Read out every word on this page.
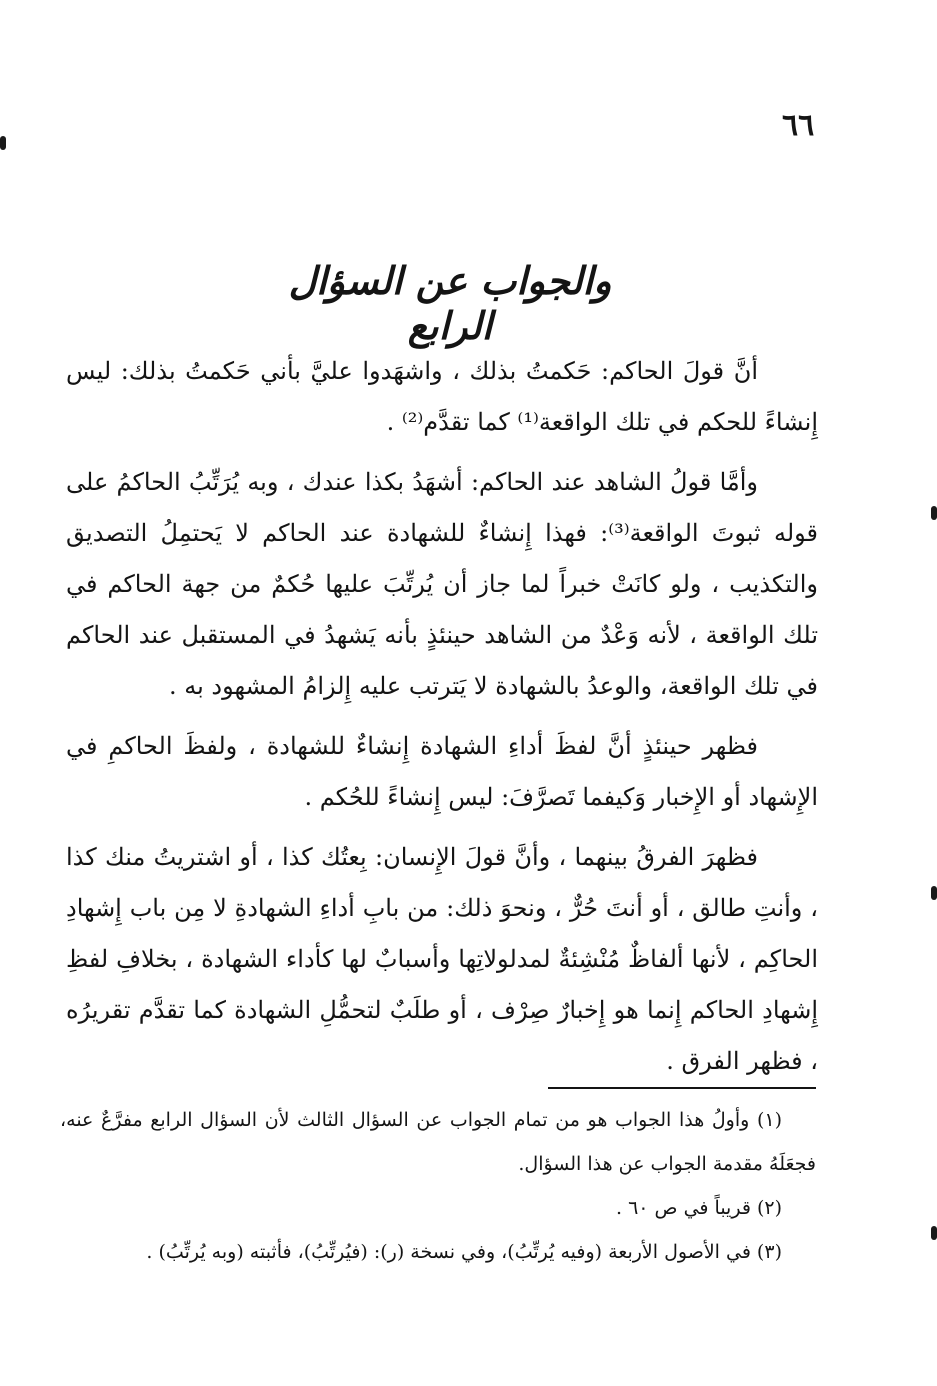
٦٦
والجواب عن السؤال الرابع

أنَّ قولَ الحاكم: حَكمتُ بذلك ، واشهَدوا عليَّ بأني حَكمتُ بذلك: ليس إِنشاءً للحكم في تلك الواقعة⁽¹⁾ كما تقدَّم⁽²⁾ .

وأمَّا قولُ الشاهد عند الحاكم: أشهَدُ بكذا عندك ، وبه يُرَتِّبُ الحاكمُ على قوله ثبوتَ الواقعة⁽³⁾: فهذا إِنشاءٌ للشهادة عند الحاكم لا يَحتمِلُ التصديق والتكذيب ، ولو كانَتْ خبراً لما جاز أن يُرتِّبَ عليها حُكمٌ من جهة الحاكم في تلك الواقعة ، لأنه وَعْدٌ من الشاهد حينئذٍ بأنه يَشهدُ في المستقبل عند الحاكم في تلك الواقعة، والوعدُ بالشهادة لا يَترتب عليه إِلزامُ المشهود به .

فظهر حينئذٍ أنَّ لفظَ أداءِ الشهادة إِنشاءٌ للشهادة ، ولفظَ الحاكمِ في الإِشهاد أو الإِخبار وَكيفما تَصرَّفَ: ليس إِنشاءً للحُكم .

فظهرَ الفرقُ بينهما ، وأنَّ قولَ الإِنسان: بِعتُك كذا ، أو اشتريتُ منك كذا ، وأنتِ طالق ، أو أنتَ حُرٌّ ، ونحوَ ذلك: من بابِ أداءِ الشهادةِ لا مِن باب إِشهادِ الحاكِم ، لأنها ألفاظٌ مُنْشِئةٌ لمدلولاتِها وأسبابٌ لها كأداء الشهادة ، بخلافِ لفظِ إِشهادِ الحاكم إِنما هو إِخبارٌ صِرْف ، أو طلَبٌ لتحمُّلِ الشهادة كما تقدَّم تقريرُه ، فظهر الفرق .

(١) وأولُ هذا الجواب هو من تمام الجواب عن السؤال الثالث لأن السؤال الرابع مفرَّعٌ عنه، فجعَلَهُ مقدمة الجواب عن هذا السؤال.

(٢) قريباً في ص ٦٠ .

(٣) في الأصول الأربعة (وفيه يُرتِّبُ)، وفي نسخة (ر): (فيُرتِّبُ)، فأثبته (وبه يُرتِّبُ) .
